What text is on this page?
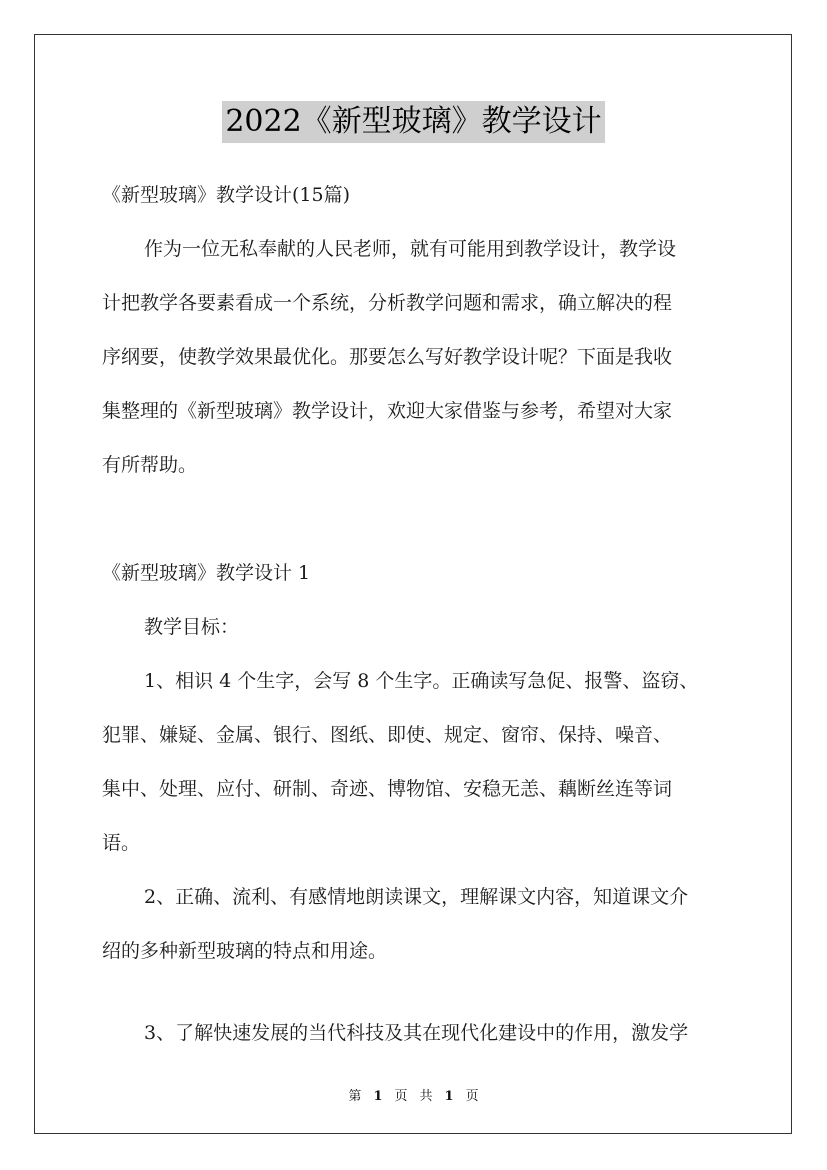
2022《新型玻璃》教学设计
《新型玻璃》教学设计(15篇)
作为一位无私奉献的人民老师，就有可能用到教学设计，教学设
计把教学各要素看成一个系统，分析教学问题和需求，确立解决的程
序纲要，使教学效果最优化。那要怎么写好教学设计呢？下面是我收
集整理的《新型玻璃》教学设计，欢迎大家借鉴与参考，希望对大家
有所帮助。
《新型玻璃》教学设计 1
教学目标：
1、相识 4 个生字，会写 8 个生字。正确读写急促、报警、盗窃、
犯罪、嫌疑、金属、银行、图纸、即使、规定、窗帘、保持、噪音、
集中、处理、应付、研制、奇迹、博物馆、安稳无恙、藕断丝连等词
语。
2、正确、流利、有感情地朗读课文，理解课文内容，知道课文介
绍的多种新型玻璃的特点和用途。
3、了解快速发展的当代科技及其在现代化建设中的作用，激发学
第 1 页 共 1 页
